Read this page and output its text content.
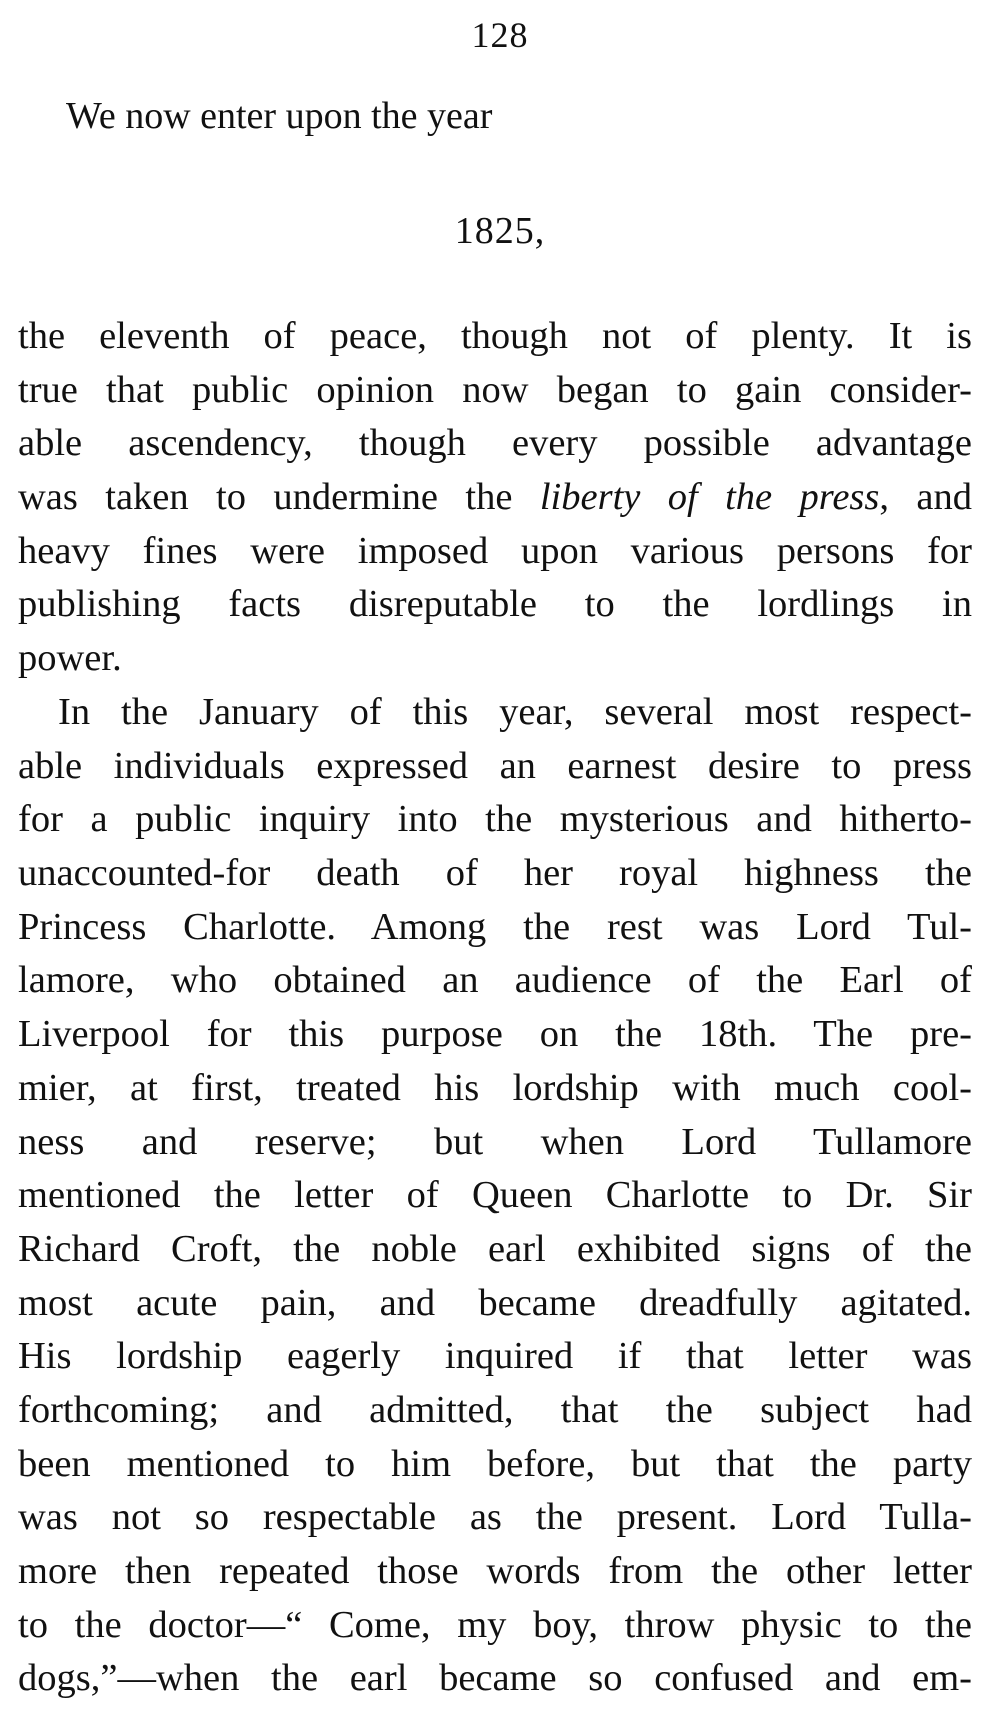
128
We now enter upon the year
1825,
the eleventh of peace, though not of plenty. It is
true that public opinion now began to gain consider-
able ascendency, though every possible advantage
was taken to undermine the liberty of the press, and
heavy fines were imposed upon various persons for
publishing facts disreputable to the lordlings in
power.
In the January of this year, several most respect-
able individuals expressed an earnest desire to press
for a public inquiry into the mysterious and hitherto-
unaccounted-for death of her royal highness the
Princess Charlotte. Among the rest was Lord Tul-
lamore, who obtained an audience of the Earl of
Liverpool for this purpose on the 18th. The pre-
mier, at first, treated his lordship with much cool-
ness and reserve; but when Lord Tullamore
mentioned the letter of Queen Charlotte to Dr. Sir
Richard Croft, the noble earl exhibited signs of the
most acute pain, and became dreadfully agitated.
His lordship eagerly inquired if that letter was
forthcoming; and admitted, that the subject had
been mentioned to him before, but that the party
was not so respectable as the present. Lord Tulla-
more then repeated those words from the other letter
to the doctor—“ Come, my boy, throw physic to the
dogs,”—when the earl became so confused and em-
